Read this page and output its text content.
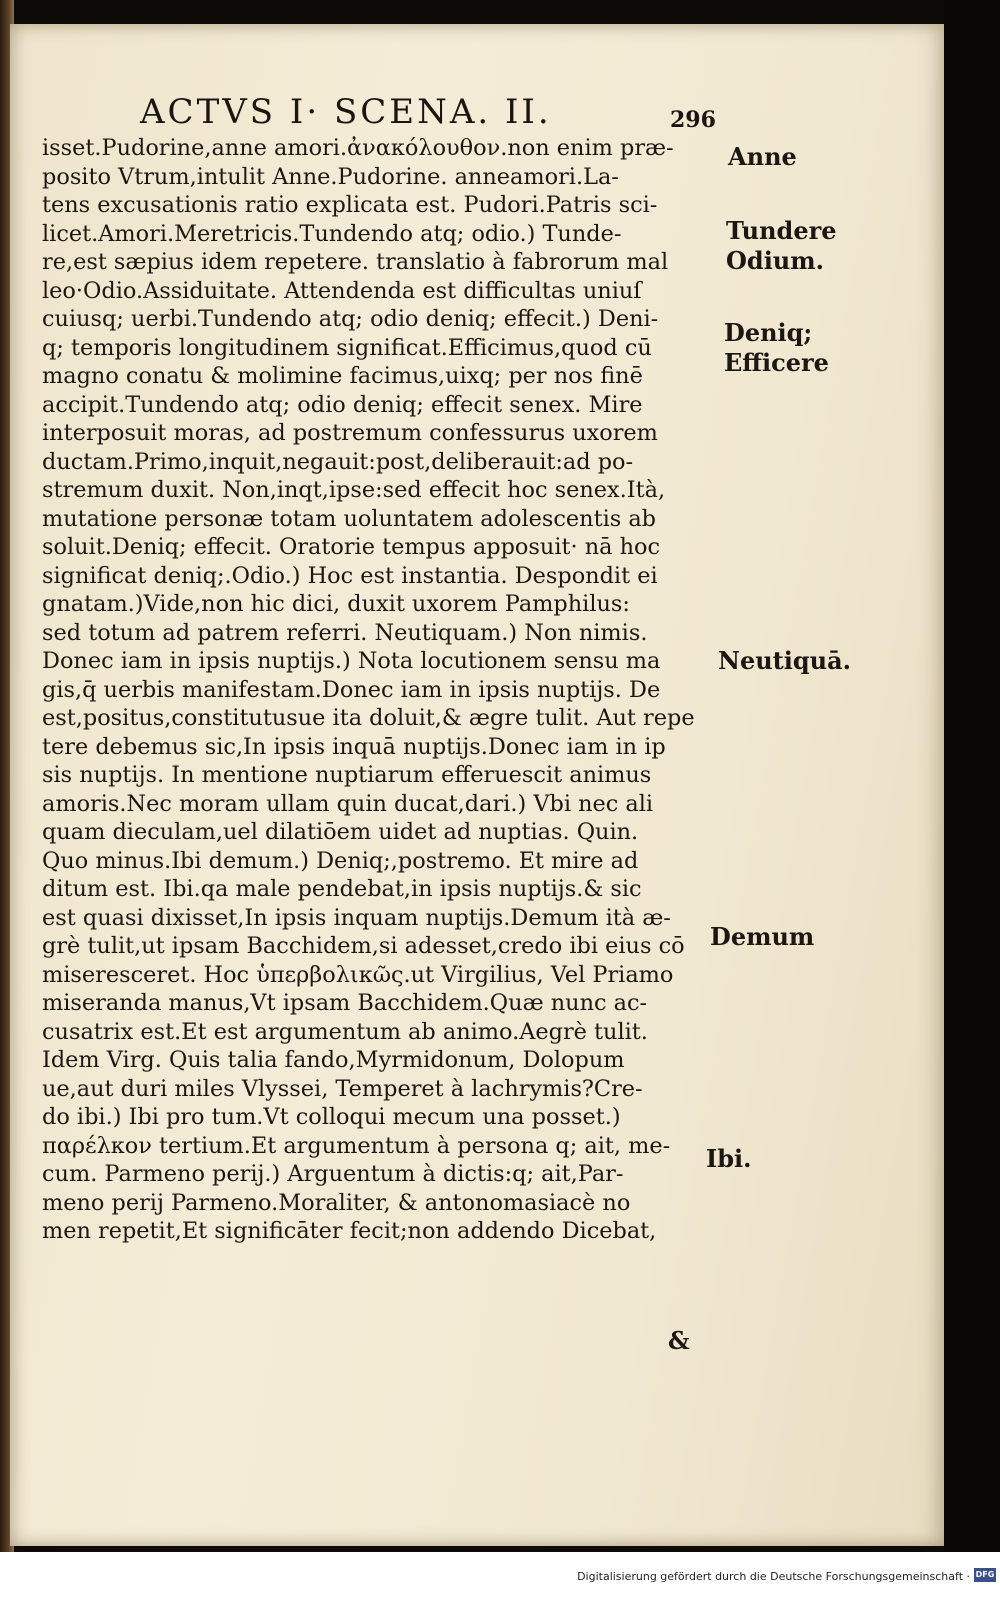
ACTVS I· SCENA. II.	296
isset.Pudorine,anne amori.ἀνακόλουθον.non enim præ-
posito Vtrum,intulit Anne.Pudorine. anneamori.La-
tens excusationis ratio explicata est. Pudori.Patris sci-
licet.Amori.Meretricis.Tundendo atq; odio.) Tunde-
re,est sæpius idem repetere. translatio à fabrorum mal
leo·Odio.Assiduitate. Attendenda est difficultas uniuſ
cuiusq; uerbi.Tundendo atq; odio deniq; effecit.) Deni-
q; temporis longitudinem significat.Efficimus,quod cū
magno conatu & molimine facimus,uixq; per nos finē
accipit.Tundendo atq; odio deniq; effecit senex. Mire
interposuit moras, ad postremum confessurus uxorem
ductam.Primo,inquit,negauit:post,deliberauit:ad po-
stremum duxit. Non,inqt,ipse:sed effecit hoc senex.Ità,
mutatione personæ totam uoluntatem adolescentis ab
soluit.Deniq; effecit. Oratorie tempus apposuit· nā hoc
significat deniq;.Odio.) Hoc est instantia. Despondit ei
gnatam.)Vide,non hic dici, duxit uxorem Pamphilus:
sed totum ad patrem referri. Neutiquam.) Non nimis.
Donec iam in ipsis nuptijs.) Nota locutionem sensu ma
gis,q̄ uerbis manifestam.Donec iam in ipsis nuptijs. De
est,positus,constitutusue ita doluit,& ægre tulit. Aut repe
tere debemus sic,In ipsis inquā nuptijs.Donec iam in ip
sis nuptijs. In mentione nuptiarum efferuescit animus
amoris.Nec moram ullam quin ducat,dari.) Vbi nec ali
quam dieculam,uel dilatiōem uidet ad nuptias. Quin.
Quo minus.Ibi demum.) Deniq;,postremo. Et mire ad
ditum est. Ibi.qa male pendebat,in ipsis nuptijs.& sic
est quasi dixisset,In ipsis inquam nuptijs.Demum ità æ-
grè tulit,ut ipsam Bacchidem,si adesset,credo ibi eius cō
miseresceret. Hoc ὑπερβολικῶς.ut Virgilius, Vel Priamo
miseranda manus,Vt ipsam Bacchidem.Quæ nunc ac-
cusatrix est.Et est argumentum ab animo.Aegrè tulit.
Idem Virg. Quis talia fando,Myrmidonum, Dolopum
ue,aut duri miles Vlyssei, Temperet à lachrymis?Cre-
do ibi.) Ibi pro tum.Vt colloqui mecum una posset.)
παρέλκον tertium.Et argumentum à persona q; ait, me-
cum. Parmeno perij.) Arguentum à dictis:q; ait,Par-
meno perij Parmeno.Moraliter, & antonomasiacè no
men repetit,Et significāter fecit;non addendo Dicebat,
&
Anne
Tundere
Odium.
Deniq;
Efficere
Neutiquā.
Demum
Ibi.
Digitalisierung gefördert durch die Deutsche Forschungsgemeinschaft · DFG
